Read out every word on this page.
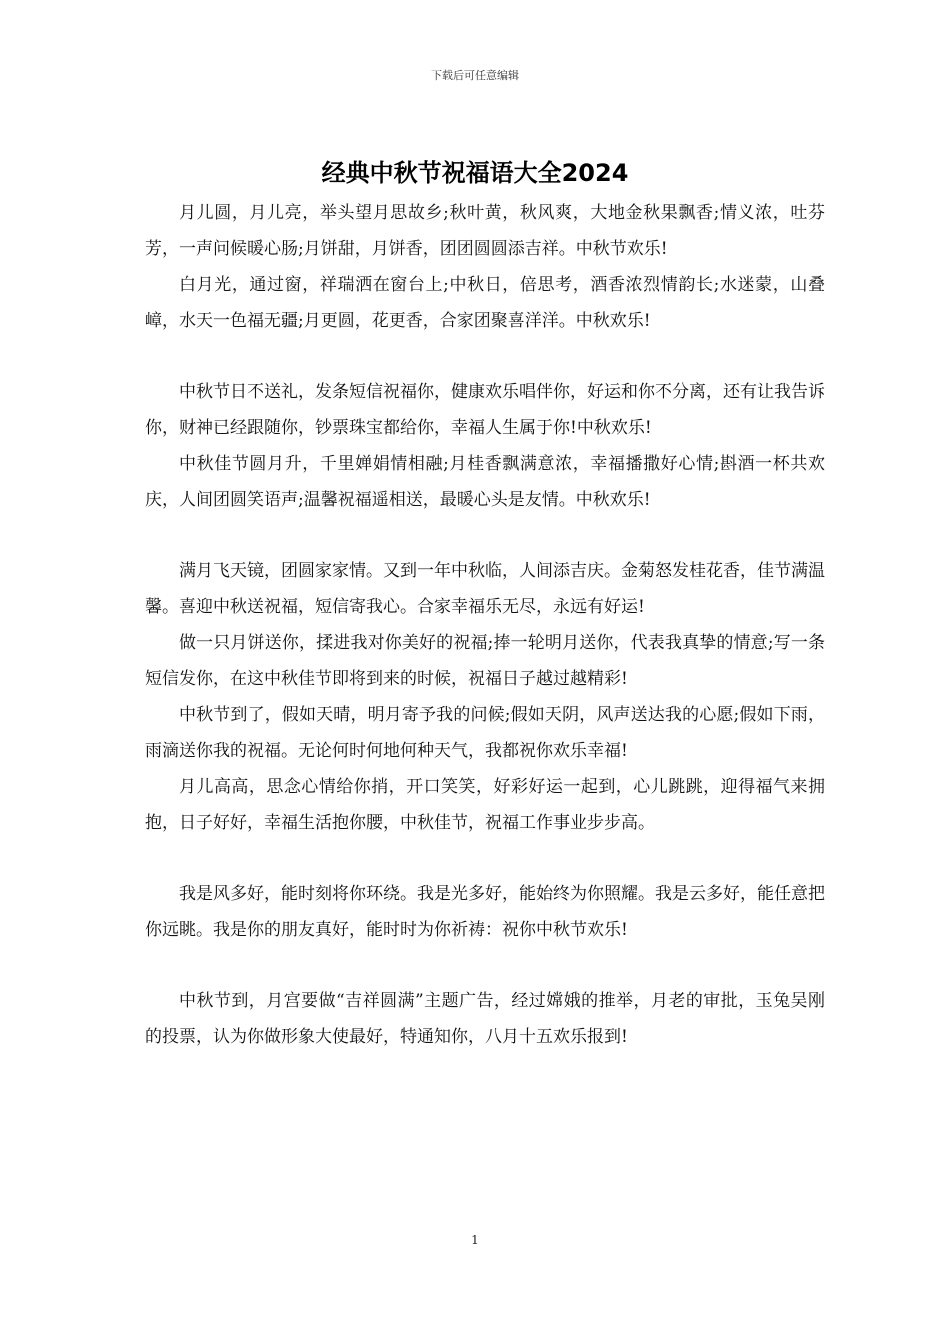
下载后可任意编辑
经典中秋节祝福语大全2024

月儿圆，月儿亮，举头望月思故乡;秋叶黄，秋风爽，大地金秋果飘香;情义浓，吐芬芳，一声问候暖心肠;月饼甜，月饼香，团团圆圆添吉祥。中秋节欢乐!

白月光，通过窗，祥瑞洒在窗台上;中秋日，倍思考，酒香浓烈情韵长;水迷蒙，山叠嶂，水天一色福无疆;月更圆，花更香，合家团聚喜洋洋。中秋欢乐!

中秋节日不送礼，发条短信祝福你，健康欢乐唱伴你，好运和你不分离，还有让我告诉你，财神已经跟随你，钞票珠宝都给你，幸福人生属于你!中秋欢乐!

中秋佳节圆月升，千里婵娟情相融;月桂香飘满意浓，幸福播撒好心情;斟酒一杯共欢庆，人间团圆笑语声;温馨祝福遥相送，最暖心头是友情。中秋欢乐!

满月飞天镜，团圆家家情。又到一年中秋临，人间添吉庆。金菊怒发桂花香，佳节满温馨。喜迎中秋送祝福，短信寄我心。合家幸福乐无尽，永远有好运!

做一只月饼送你，揉进我对你美好的祝福;捧一轮明月送你，代表我真挚的情意;写一条短信发你，在这中秋佳节即将到来的时候，祝福日子越过越精彩!

中秋节到了，假如天晴，明月寄予我的问候;假如天阴，风声送达我的心愿;假如下雨，雨滴送你我的祝福。无论何时何地何种天气，我都祝你欢乐幸福!

月儿高高，思念心情给你捎，开口笑笑，好彩好运一起到，心儿跳跳，迎得福气来拥抱，日子好好，幸福生活抱你腰，中秋佳节，祝福工作事业步步高。

我是风多好，能时刻将你环绕。我是光多好，能始终为你照耀。我是云多好，能任意把你远眺。我是你的朋友真好，能时时为你祈祷：祝你中秋节欢乐!

中秋节到，月宫要做“吉祥圆满”主题广告，经过嫦娥的推举，月老的审批，玉兔吴刚的投票，认为你做形象大使最好，特通知你，八月十五欢乐报到!

1
